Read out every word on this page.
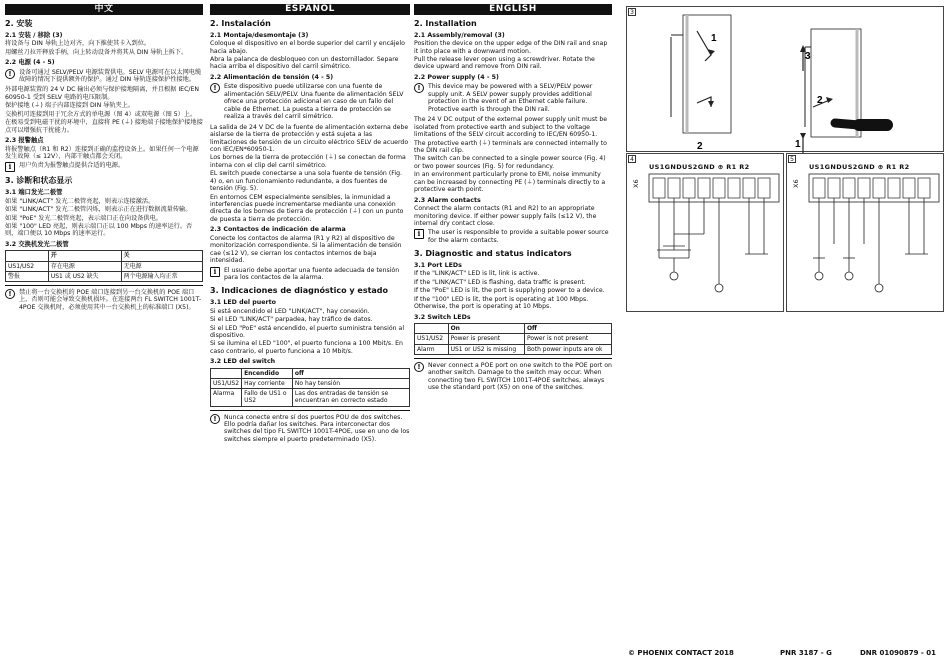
中文
2. 安装
2.1 安装 / 移除 (3)

将设备与 DIN 导轨上边对齐，向下推使其卡入到位。

用螺丝刀拉开释放手柄，向上转动设备并将其从 DIN 导轨上拆下。

2.2 电源 (4 - 5)
!	设备可通过 SELV/PELV 电源装置供电。SELV 电源可在以太网电缆故障的情况下提供额外的保护。通过 DIN 导轨连接保护性接地。

外部电源装置的 24 V DC 输出必须与保护接地隔离，并且根据 IEC/EN 60950-1 受到 SELV 电路的电压限制。

保护接地 (⏚) 端子内部连接到 DIN 导轨夹上。

交换机可连接到用于冗余方式的单电源（图 4）或双电源（图 5）上。

在极易受到电磁干扰的环境中，直接将 PE (⏚) 接地端子接地保护接地接点可以增强抗干扰能力。

2.3 报警触点

将报警触点（R1 和 R2）连接到正确的监控设备上。如果任何一个电源发生故障（≤ 12V），内部干触点都会关闭。

i	用户负责为报警触点提供合适的电源。

3. 诊断和状态显示
3.1 端口发光二极管

如果 "LINK/ACT" 发光二极管亮起，则表示连接激活。

如果 "LINK/ACT" 发光二极管闪烁，则表示正在进行数据流量传输。

如果 "PoE" 发光二极管亮起，表示端口正在向设备供电。

如果 "100" LED 亮起，则表示端口正以 100 Mbps 的速率运行。否则，端口便以 10 Mbps 的速率运行。

3.2 交换机发光二极管
	开	关
US1/US2	存在电源	无电源
警报	US1 或 US2 缺失	两个电源输入均正常
!	禁止将一台交换机的 POE 端口连接到另一台交换机的 POE 端口上，否则可能会导致交换机损坏。在连接两台 FL SWITCH 1001T-4POE 交换机时，必须使用其中一台交换机上的标准端口 (X5)。

ESPAÑOL
2. Instalación
2.1 Montaje/desmontaje (3)

Coloque el dispositivo en el borde superior del carril y encájelo hacia abajo.

Abra la palanca de desbloqueo con un destornillador. Separe hacia arriba el dispositivo del carril simétrico.

2.2 Alimentación de tensión (4 - 5)
!	Este dispositivo puede utilizarse con una fuente de alimentación SELV/PELV. Una fuente de alimentación SELV ofrece una protección adicional en caso de un fallo del cable de Ethernet. La puesta a tierra de protección se realiza a través del carril simétrico.

La salida de 24 V DC de la fuente de alimentación externa debe aislarse de la tierra de protección y está sujeta a las limitaciones de tensión de un circuito eléctrico SELV de acuerdo con IEC/EN*60950-1.

Los bornes de la tierra de protección (⏚) se conectan de forma interna con el clip del carril simétrico.

EL switch puede conectarse a una sola fuente de tensión (Fig. 4) o, en un funcionamiento redundante, a dos fuentes de tensión (Fig. 5).

En entornos CEM especialmente sensibles, la inmunidad a interferencias puede incrementarse mediante una conexión directa de los bornes de tierra de protección (⏚) con un punto de puesta a tierra de protección.

2.3 Contactos de indicación de alarma

Conecte los contactos de alarma (R1 y R2) al dispositivo de monitorización correspondiente. Si la alimentación de tensión cae (≤12 V), se cierran los contactos internos de baja intensidad.

i	El usuario debe aportar una fuente adecuada de tensión para los contactos de la alarma.

3. Indicaciones de diagnóstico y estado
3.1 LED del puerto

Si está encendido el LED "LINK/ACT", hay conexión.

Si el LED "LINK/ACT" parpadea, hay tráfico de datos.

Si el LED "PoE" está encendido, el puerto suministra tensión al dispositivo.

Si se ilumina el LED "100", el puerto funciona a 100 Mbit/s. En caso contrario, el puerto funciona a 10 Mbit/s.

3.2 LED del switch
	Encendido	off
US1/US2	Hay corriente	No hay tensión
Alarma	Fallo de US1 o US2	Las dos entradas de tensión se encuentran en correcto estado
!	Nunca conecte entre sí dos puertos POU de dos switches. Ello podría dañar los switches. Para interconectar dos switches del tipo FL SWITCH 1001T-4POE, use en uno de los switches siempre el puerto predeterminado (X5).

ENGLISH
2. Installation
2.1 Assembly/removal (3)

Position the device on the upper edge of the DIN rail and snap it into place with a downward motion.

Pull the release lever open using a screwdriver. Rotate the device upward and remove from DIN rail.

2.2 Power supply (4 - 5)
!	This device may be powered with a SELV/PELV power supply unit. A SELV power supply provides additional protection in the event of an Ethernet cable failure. Protective earth is through the DIN rail.

The 24 V DC output of the external power supply unit must be isolated from protective earth and subject to the voltage limitations of the SELV circuit according to IEC/EN 60950-1.

The protective earth (⏚) terminals are connected internally to the DIN rail clip.

The switch can be connected to a single power source (Fig. 4) or two power sources (Fig. 5) for redundancy.

In an environment particularly prone to EMI, noise immunity can be increased by connecting PE (⏚) terminals directly to a protective earth point.

2.3 Alarm contacts

Connect the alarm contacts (R1 and R2) to an appropriate monitoring device. If either power supply fails (≤12 V), the internal dry contact close.

i	The user is responsible to provide a suitable power source for the alarm contacts.

3. Diagnostic and status indicators
3.1 Port LEDs

If the "LINK/ACT" LED is lit, link is active.

If the "LINK/ACT" LED is flashing, data traffic is present.

If the "PoE" LED is lit, the port is supplying power to a device.

If the "100" LED is lit, the port is operating at 100 Mbps. Otherwise, the port is operating at 10 Mbps.

3.2 Switch LEDs
	On	Off
US1/US2	Power is present	Power is not present
Alarm	US1 or US2 is missing	Both power inputs are ok
!	Never connect a POE port on one switch to the POE port on another switch. Damage to the switch may occur. When connecting two FL SWITCH 1001T-4POE switches, always use the standard port (X5) on one of the switches.

3
1
2
3
2
1
4
US1GNDUS2GND ⊕ R1 R2
X6
5
US1GNDUS2GND ⊕ R1 R2
X6
© PHOENIX CONTACT 2018	PNR 3187 - G	DNR 01090879 - 01
